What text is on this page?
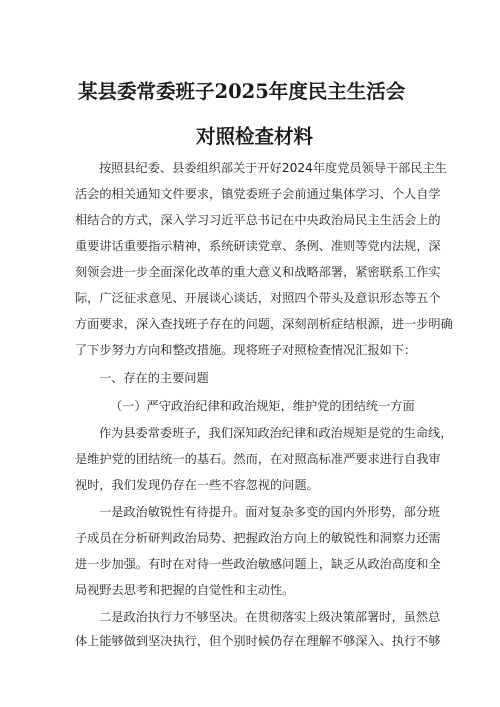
某县委常委班子2025年度民主生活会
对照检查材料
按照县纪委、县委组织部关于开好2024年度党员领导干部民主生
活会的相关通知文件要求，镇党委班子会前通过集体学习、个人自学
相结合的方式，深入学习习近平总书记在中央政治局民主生活会上的
重要讲话重要指示精神，系统研读党章、条例、准则等党内法规，深
刻领会进一步全面深化改革的重大意义和战略部署，紧密联系工作实
际，广泛征求意见、开展谈心谈话，对照四个带头及意识形态等五个
方面要求，深入查找班子存在的问题，深刻剖析症结根源，进一步明确
了下步努力方向和整改措施。现将班子对照检查情况汇报如下：
一、存在的主要问题
（一）严守政治纪律和政治规矩，维护党的团结统一方面
作为县委常委班子，我们深知政治纪律和政治规矩是党的生命线，
是维护党的团结统一的基石。然而，在对照高标准严要求进行自我审
视时，我们发现仍存在一些不容忽视的问题。
一是政治敏锐性有待提升。面对复杂多变的国内外形势，部分班
子成员在分析研判政治局势、把握政治方向上的敏锐性和洞察力还需
进一步加强。有时在对待一些政治敏感问题上，缺乏从政治高度和全
局视野去思考和把握的自觉性和主动性。
二是政治执行力不够坚决。在贯彻落实上级决策部署时，虽然总
体上能够做到坚决执行，但个别时候仍存在理解不够深入、执行不够
